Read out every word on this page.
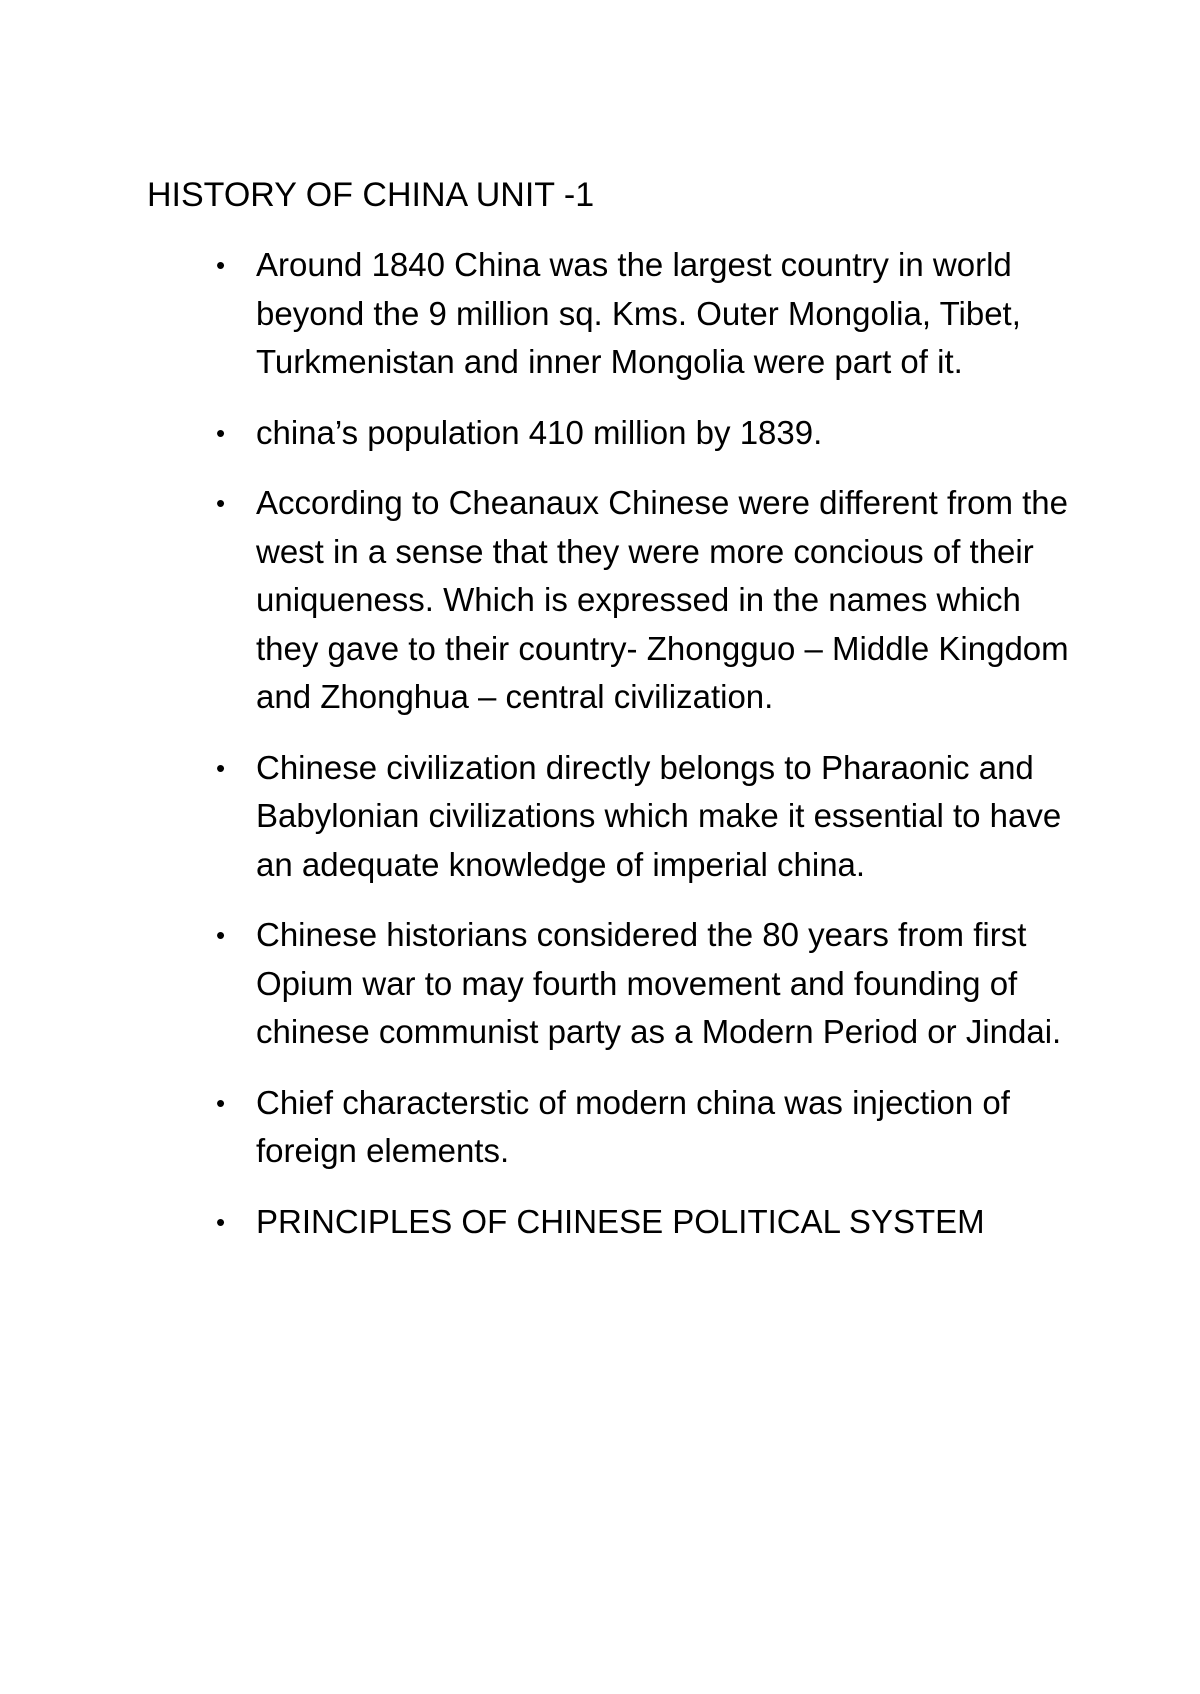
HISTORY OF CHINA UNIT -1
• Around 1840 China was the largest country in world beyond the 9 million sq. Kms. Outer Mongolia, Tibet, Turkmenistan and inner Mongolia were part of it.
• china’s population 410 million by 1839.
• According to Cheanaux Chinese were different from the west in a sense that they were more concious of their uniqueness. Which is expressed in the names which they gave to their country- Zhongguo – Middle Kingdom and Zhonghua – central civilization.
• Chinese civilization directly belongs to Pharaonic and Babylonian civilizations which make it essential to have an adequate knowledge of imperial china.
• Chinese historians considered the 80 years from first Opium war to may fourth movement and founding of chinese communist party as a Modern Period or Jindai.
• Chief characterstic of modern china was injection of foreign elements.
• PRINCIPLES OF CHINESE POLITICAL SYSTEM
